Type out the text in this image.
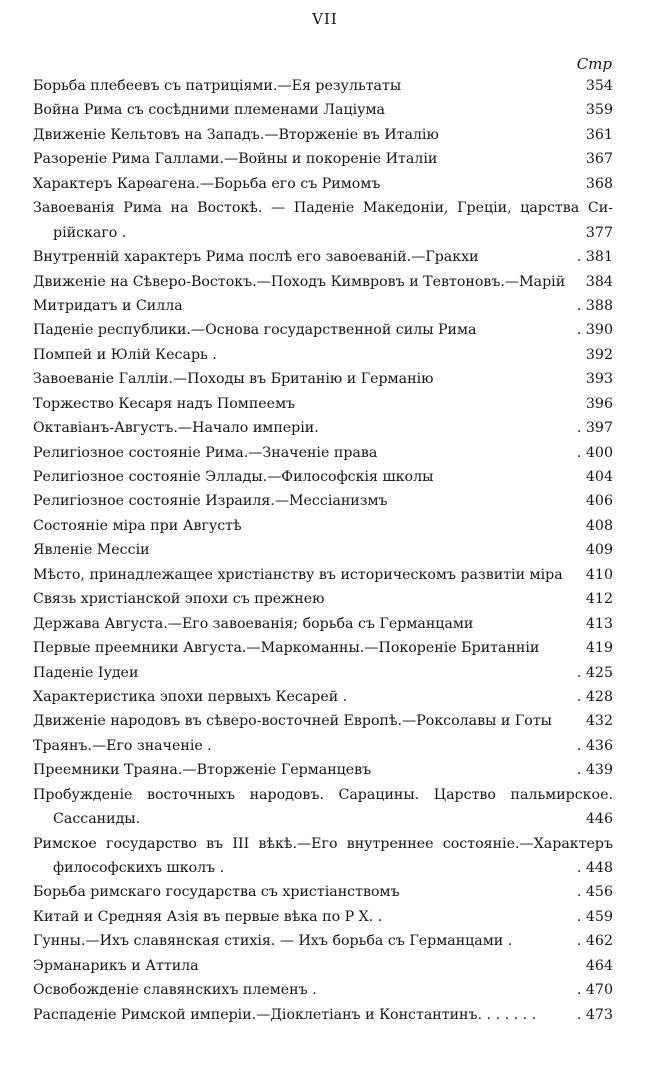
VII
Стр
Борьба плебеевъ съ патриціями.—Ея результаты	354
Война Рима съ сосѣдними племенами Лаціума	359
Движеніе Кельтовъ на Западъ.—Вторженіе въ Италію	361
Разореніе Рима Галлами.—Войны и покореніе Италіи	367
Характеръ Карѳагена.—Борьба его съ Римомъ	368
Завоеванія Рима на Востокѣ. — Паденіе Македоніи, Греціи, царства Си-
рійскаго .	377
Внутренній характеръ Рима послѣ его завоеваній.—Гракхи	. 381
Движеніе на Сѣверо-Востокъ.—Походъ Кимвровъ и Тевтоновъ.—Марій	384
Митридатъ и Силла	. 388
Паденіе республики.—Основа государственной силы Рима	. 390
Помпей и Юлій Кесарь .	392
Завоеваніе Галліи.—Походы въ Британію и Германію	393
Торжество Кесаря надъ Помпеемъ	396
Октавіанъ-Августъ.—Начало имперіи.	. 397
Религіозное состояніе Рима.—Значеніе права	. 400
Религіозное состояніе Эллады.—Философскія школы	404
Религіозное состояніе Израиля.—Мессіанизмъ	406
Состояніе міра при Августѣ	408
Явленіе Мессіи	409
Мѣсто, принадлежащее христіанству въ историческомъ развитіи міра	410
Связь христіанской эпохи съ прежнею	412
Держава Августа.—Его завоеванія; борьба съ Германцами	413
Первые преемники Августа.—Маркоманны.—Покореніе Британніи	419
Паденіе Іудеи	. 425
Характеристика эпохи первыхъ Кесарей .	. 428
Движеніе народовъ въ сѣверо-восточней Европѣ.—Роксолавы и Готы	432
Траянъ.—Его значеніе .	. 436
Преемники Траяна.—Вторженіе Германцевъ	. 439
Пробужденіе восточныхъ народовъ. Сарацины. Царство пальмирское.
Сассаниды.	446
Римское государство въ III вѣкѣ.—Его внутреннее состояніе.—Характеръ
философскихъ школъ .	. 448
Борьба римскаго государства съ христіанствомъ	. 456
Китай и Средняя Азія въ первые вѣка по Р Х. .	. 459
Гунны.—Ихъ славянская стихія. — Ихъ борьба съ Германцами .	. 462
Эрманарикъ и Аттила	464
Освобожденіе славянскихъ племенъ .	. 470
Распаденіе Римской имперіи.—Діоклетіанъ и Константинъ. . . . . . .	. 473
